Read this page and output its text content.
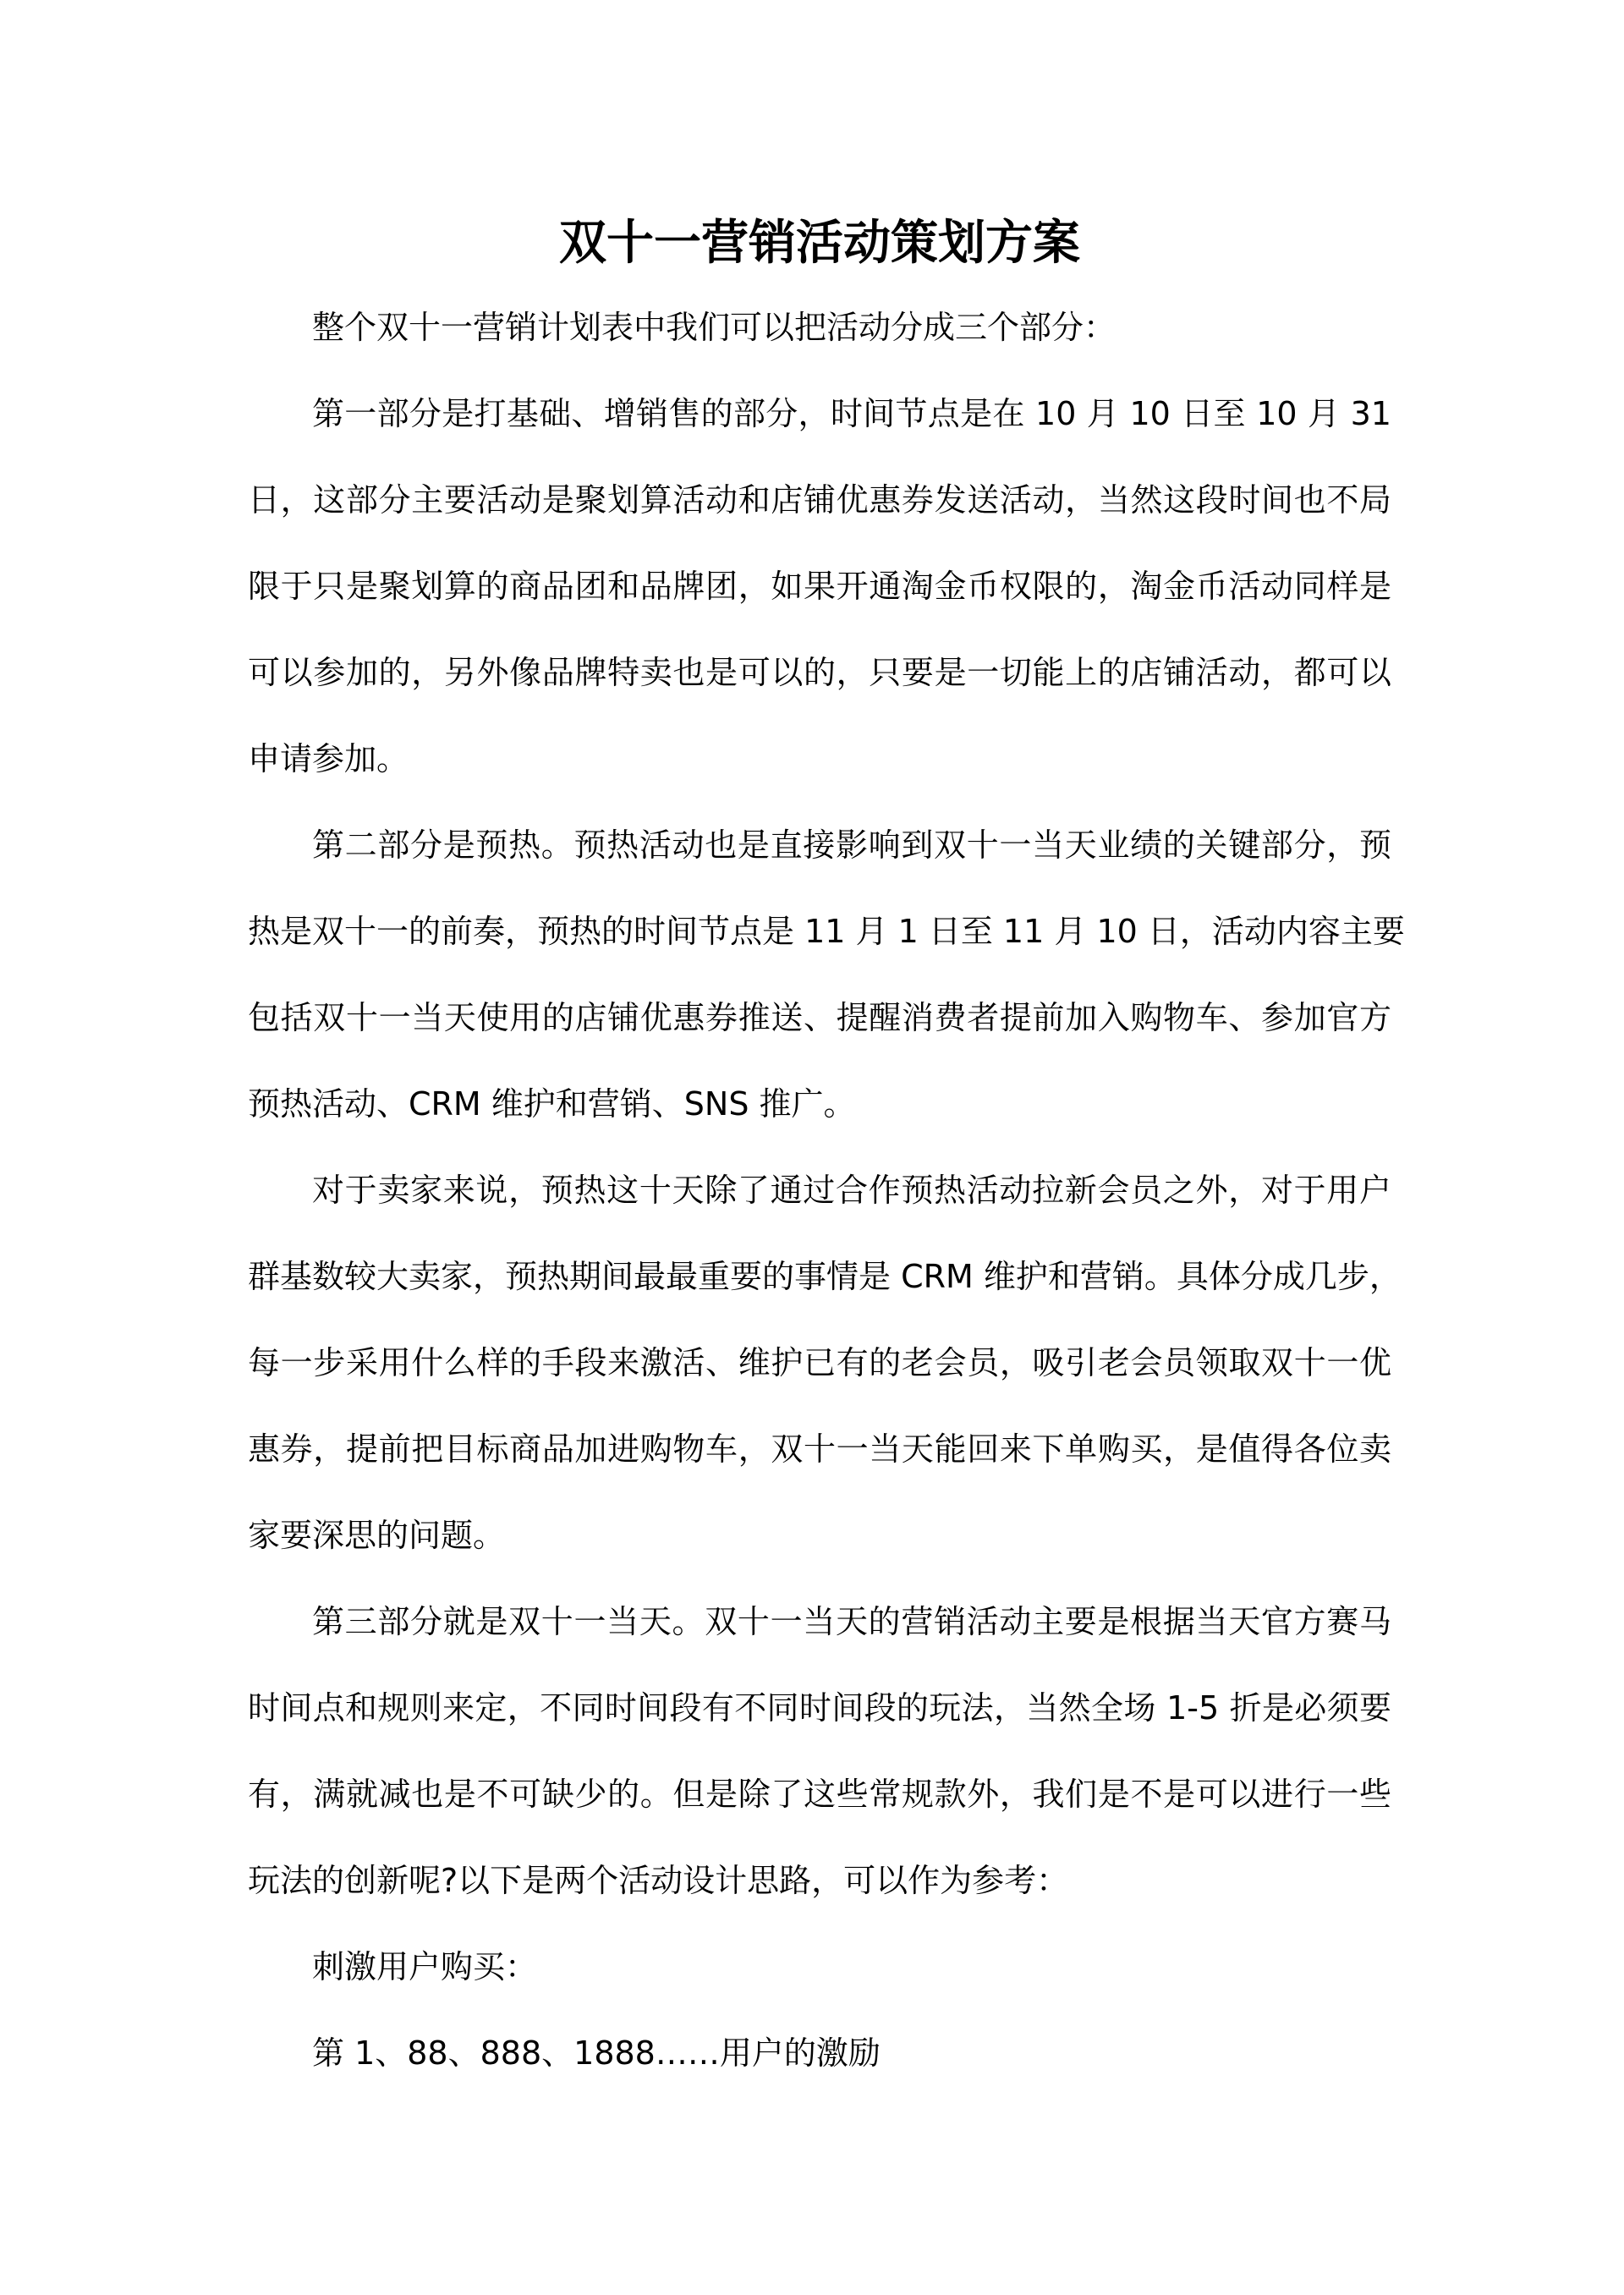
双十一营销活动策划方案
整个双十一营销计划表中我们可以把活动分成三个部分：
第一部分是打基础、增销售的部分，时间节点是在 10 月 10 日至 10 月 31
日，这部分主要活动是聚划算活动和店铺优惠券发送活动，当然这段时间也不局
限于只是聚划算的商品团和品牌团，如果开通淘金币权限的，淘金币活动同样是
可以参加的，另外像品牌特卖也是可以的，只要是一切能上的店铺活动，都可以
申请参加。
第二部分是预热。预热活动也是直接影响到双十一当天业绩的关键部分，预
热是双十一的前奏，预热的时间节点是 11 月 1 日至 11 月 10 日，活动内容主要
包括双十一当天使用的店铺优惠券推送、提醒消费者提前加入购物车、参加官方
预热活动、CRM 维护和营销、SNS 推广。
对于卖家来说，预热这十天除了通过合作预热活动拉新会员之外，对于用户
群基数较大卖家，预热期间最最重要的事情是 CRM 维护和营销。具体分成几步，
每一步采用什么样的手段来激活、维护已有的老会员，吸引老会员领取双十一优
惠券，提前把目标商品加进购物车，双十一当天能回来下单购买，是值得各位卖
家要深思的问题。
第三部分就是双十一当天。双十一当天的营销活动主要是根据当天官方赛马
时间点和规则来定，不同时间段有不同时间段的玩法，当然全场 1-5 折是必须要
有，满就减也是不可缺少的。但是除了这些常规款外，我们是不是可以进行一些
玩法的创新呢?以下是两个活动设计思路，可以作为参考：
刺激用户购买：
第 1、88、888、1888……用户的激励
